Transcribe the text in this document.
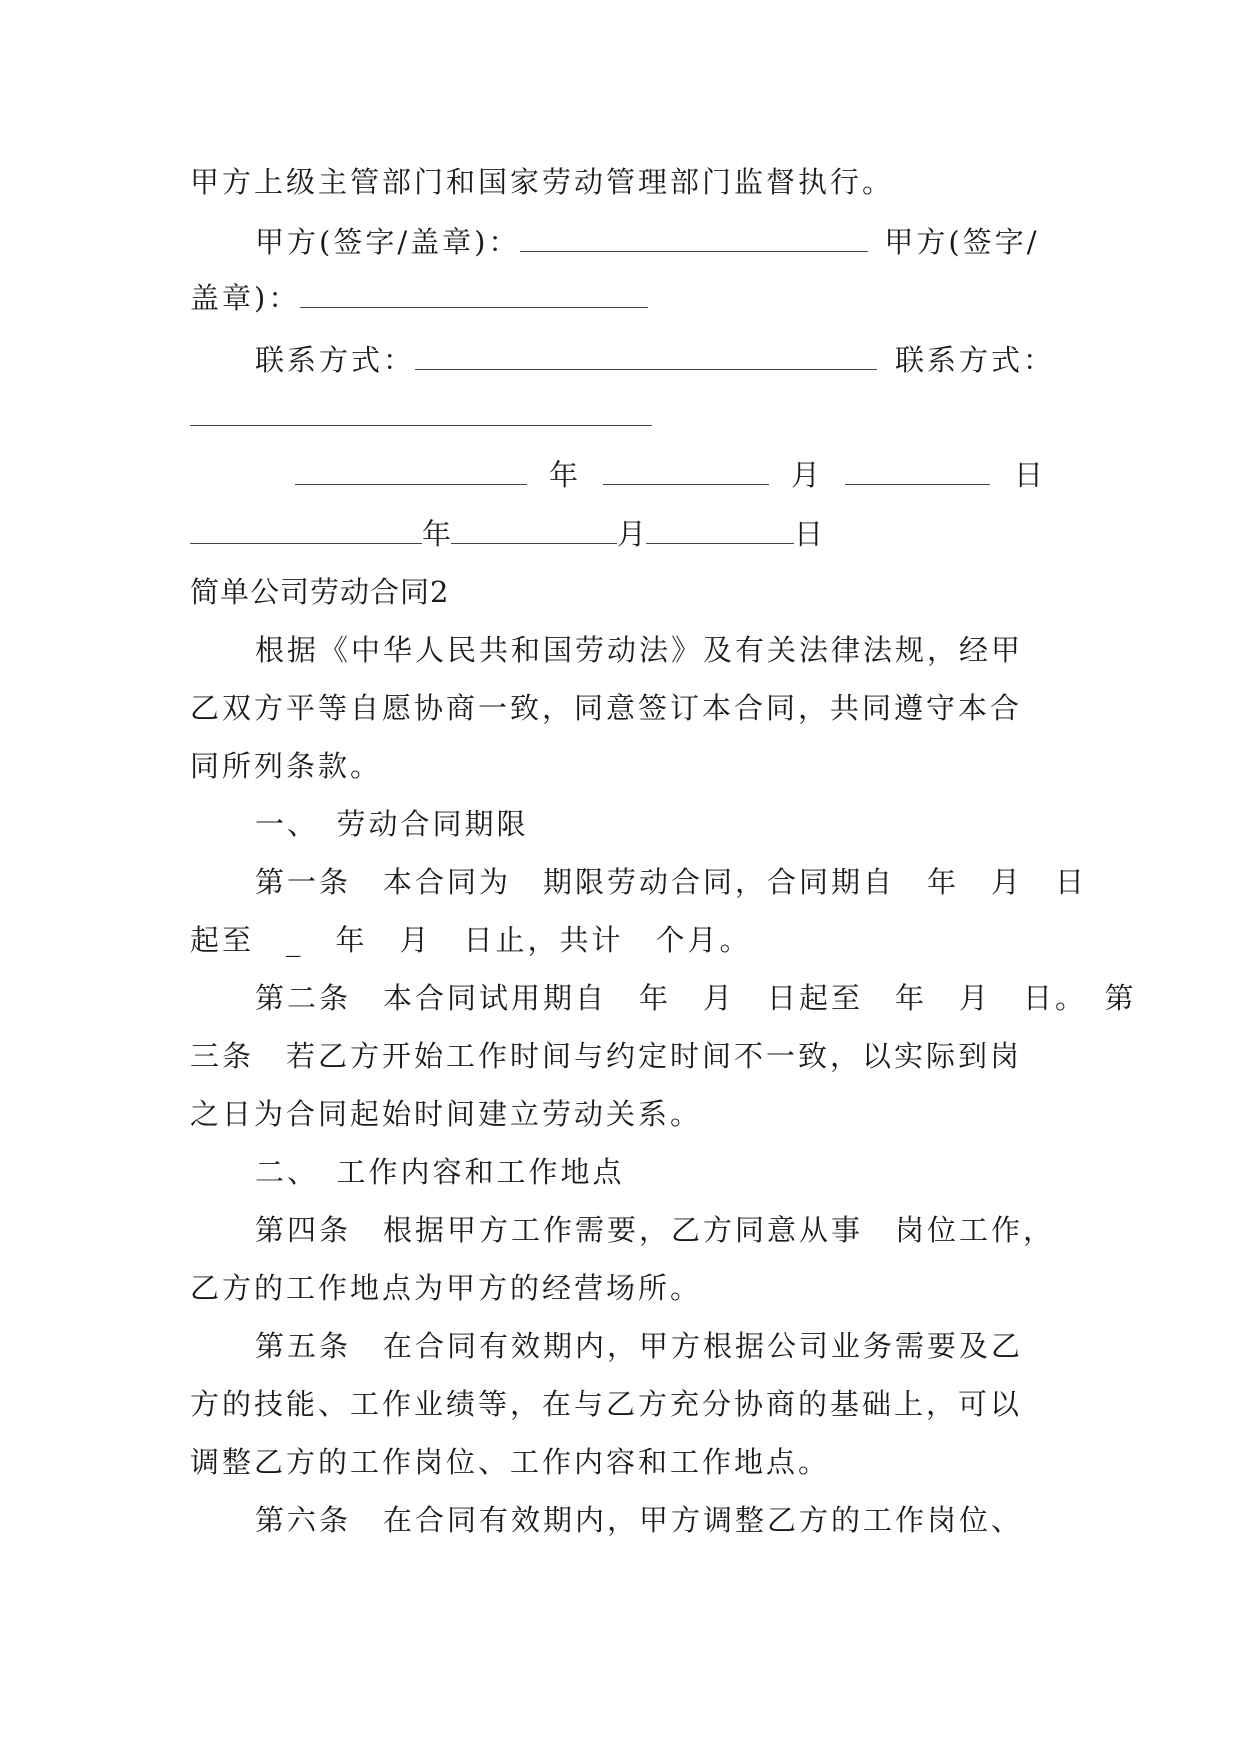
甲方上级主管部门和国家劳动管理部门监督执行。
甲方(签字/盖章)：	甲方(签字/
盖章)：
联系方式：	联系方式：
年	月	日
年	月	日
简单公司劳动合同2
根据《中华人民共和国劳动法》及有关法律法规，经甲
乙双方平等自愿协商一致，同意签订本合同，共同遵守本合
同所列条款。
一、　劳动合同期限
第一条　本合同为　期限劳动合同，合同期自　年　月　日
起至　_　年　月　日止，共计　个月。
第二条　本合同试用期自　年　月　日起至　年　月　日。　第
三条　若乙方开始工作时间与约定时间不一致，以实际到岗
之日为合同起始时间建立劳动关系。
二、　工作内容和工作地点
第四条　根据甲方工作需要，乙方同意从事　岗位工作，
乙方的工作地点为甲方的经营场所。
第五条　在合同有效期内，甲方根据公司业务需要及乙
方的技能、工作业绩等，在与乙方充分协商的基础上，可以
调整乙方的工作岗位、工作内容和工作地点。
第六条　在合同有效期内，甲方调整乙方的工作岗位、
